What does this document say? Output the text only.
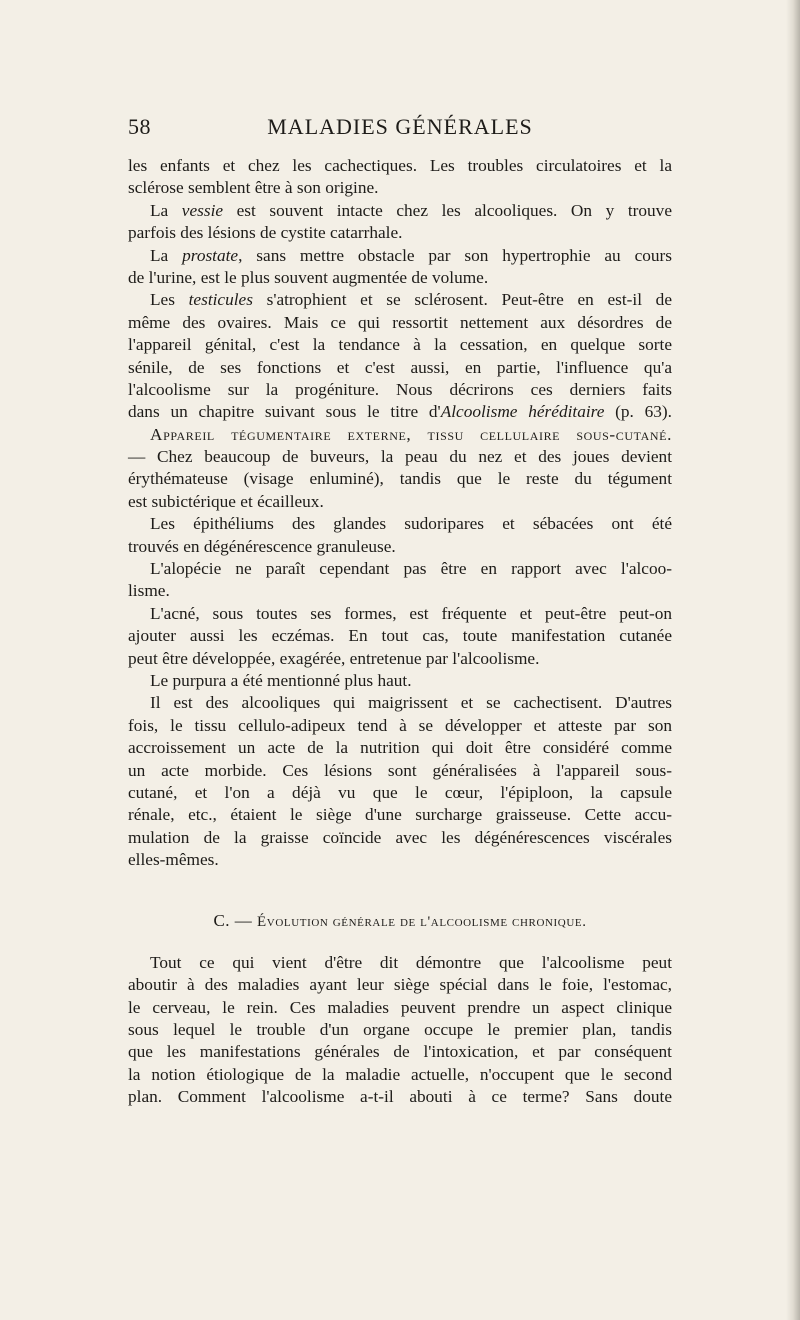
58	MALADIES GÉNÉRALES
les enfants et chez les cachectiques. Les troubles circulatoires et la
sclérose semblent être à son origine.
La vessie est souvent intacte chez les alcooliques. On y trouve
parfois des lésions de cystite catarrhale.
La prostate, sans mettre obstacle par son hypertrophie au cours
de l'urine, est le plus souvent augmentée de volume.
Les testicules s'atrophient et se sclérosent. Peut-être en est-il de
même des ovaires. Mais ce qui ressortit nettement aux désordres de
l'appareil génital, c'est la tendance à la cessation, en quelque sorte
sénile, de ses fonctions et c'est aussi, en partie, l'influence qu'a
l'alcoolisme sur la progéniture. Nous décrirons ces derniers faits
dans un chapitre suivant sous le titre d'Alcoolisme héréditaire (p. 63).
Appareil tégumentaire externe, tissu cellulaire sous-cutané.
— Chez beaucoup de buveurs, la peau du nez et des joues devient
érythémateuse (visage enluminé), tandis que le reste du tégument
est subictérique et écailleux.
Les épithéliums des glandes sudoripares et sébacées ont été
trouvés en dégénérescence granuleuse.
L'alopécie ne paraît cependant pas être en rapport avec l'alcoo-
lisme.
L'acné, sous toutes ses formes, est fréquente et peut-être peut-on
ajouter aussi les eczémas. En tout cas, toute manifestation cutanée
peut être développée, exagérée, entretenue par l'alcoolisme.
Le purpura a été mentionné plus haut.
Il est des alcooliques qui maigrissent et se cachectisent. D'autres
fois, le tissu cellulo-adipeux tend à se développer et atteste par son
accroissement un acte de la nutrition qui doit être considéré comme
un acte morbide. Ces lésions sont généralisées à l'appareil sous-
cutané, et l'on a déjà vu que le cœur, l'épiploon, la capsule
rénale, etc., étaient le siège d'une surcharge graisseuse. Cette accu-
mulation de la graisse coïncide avec les dégénérescences viscérales
elles-mêmes.
C. — Évolution générale de l'alcoolisme chronique.
Tout ce qui vient d'être dit démontre que l'alcoolisme peut
aboutir à des maladies ayant leur siège spécial dans le foie, l'estomac,
le cerveau, le rein. Ces maladies peuvent prendre un aspect clinique
sous lequel le trouble d'un organe occupe le premier plan, tandis
que les manifestations générales de l'intoxication, et par conséquent
la notion étiologique de la maladie actuelle, n'occupent que le second
plan. Comment l'alcoolisme a-t-il abouti à ce terme? Sans doute
